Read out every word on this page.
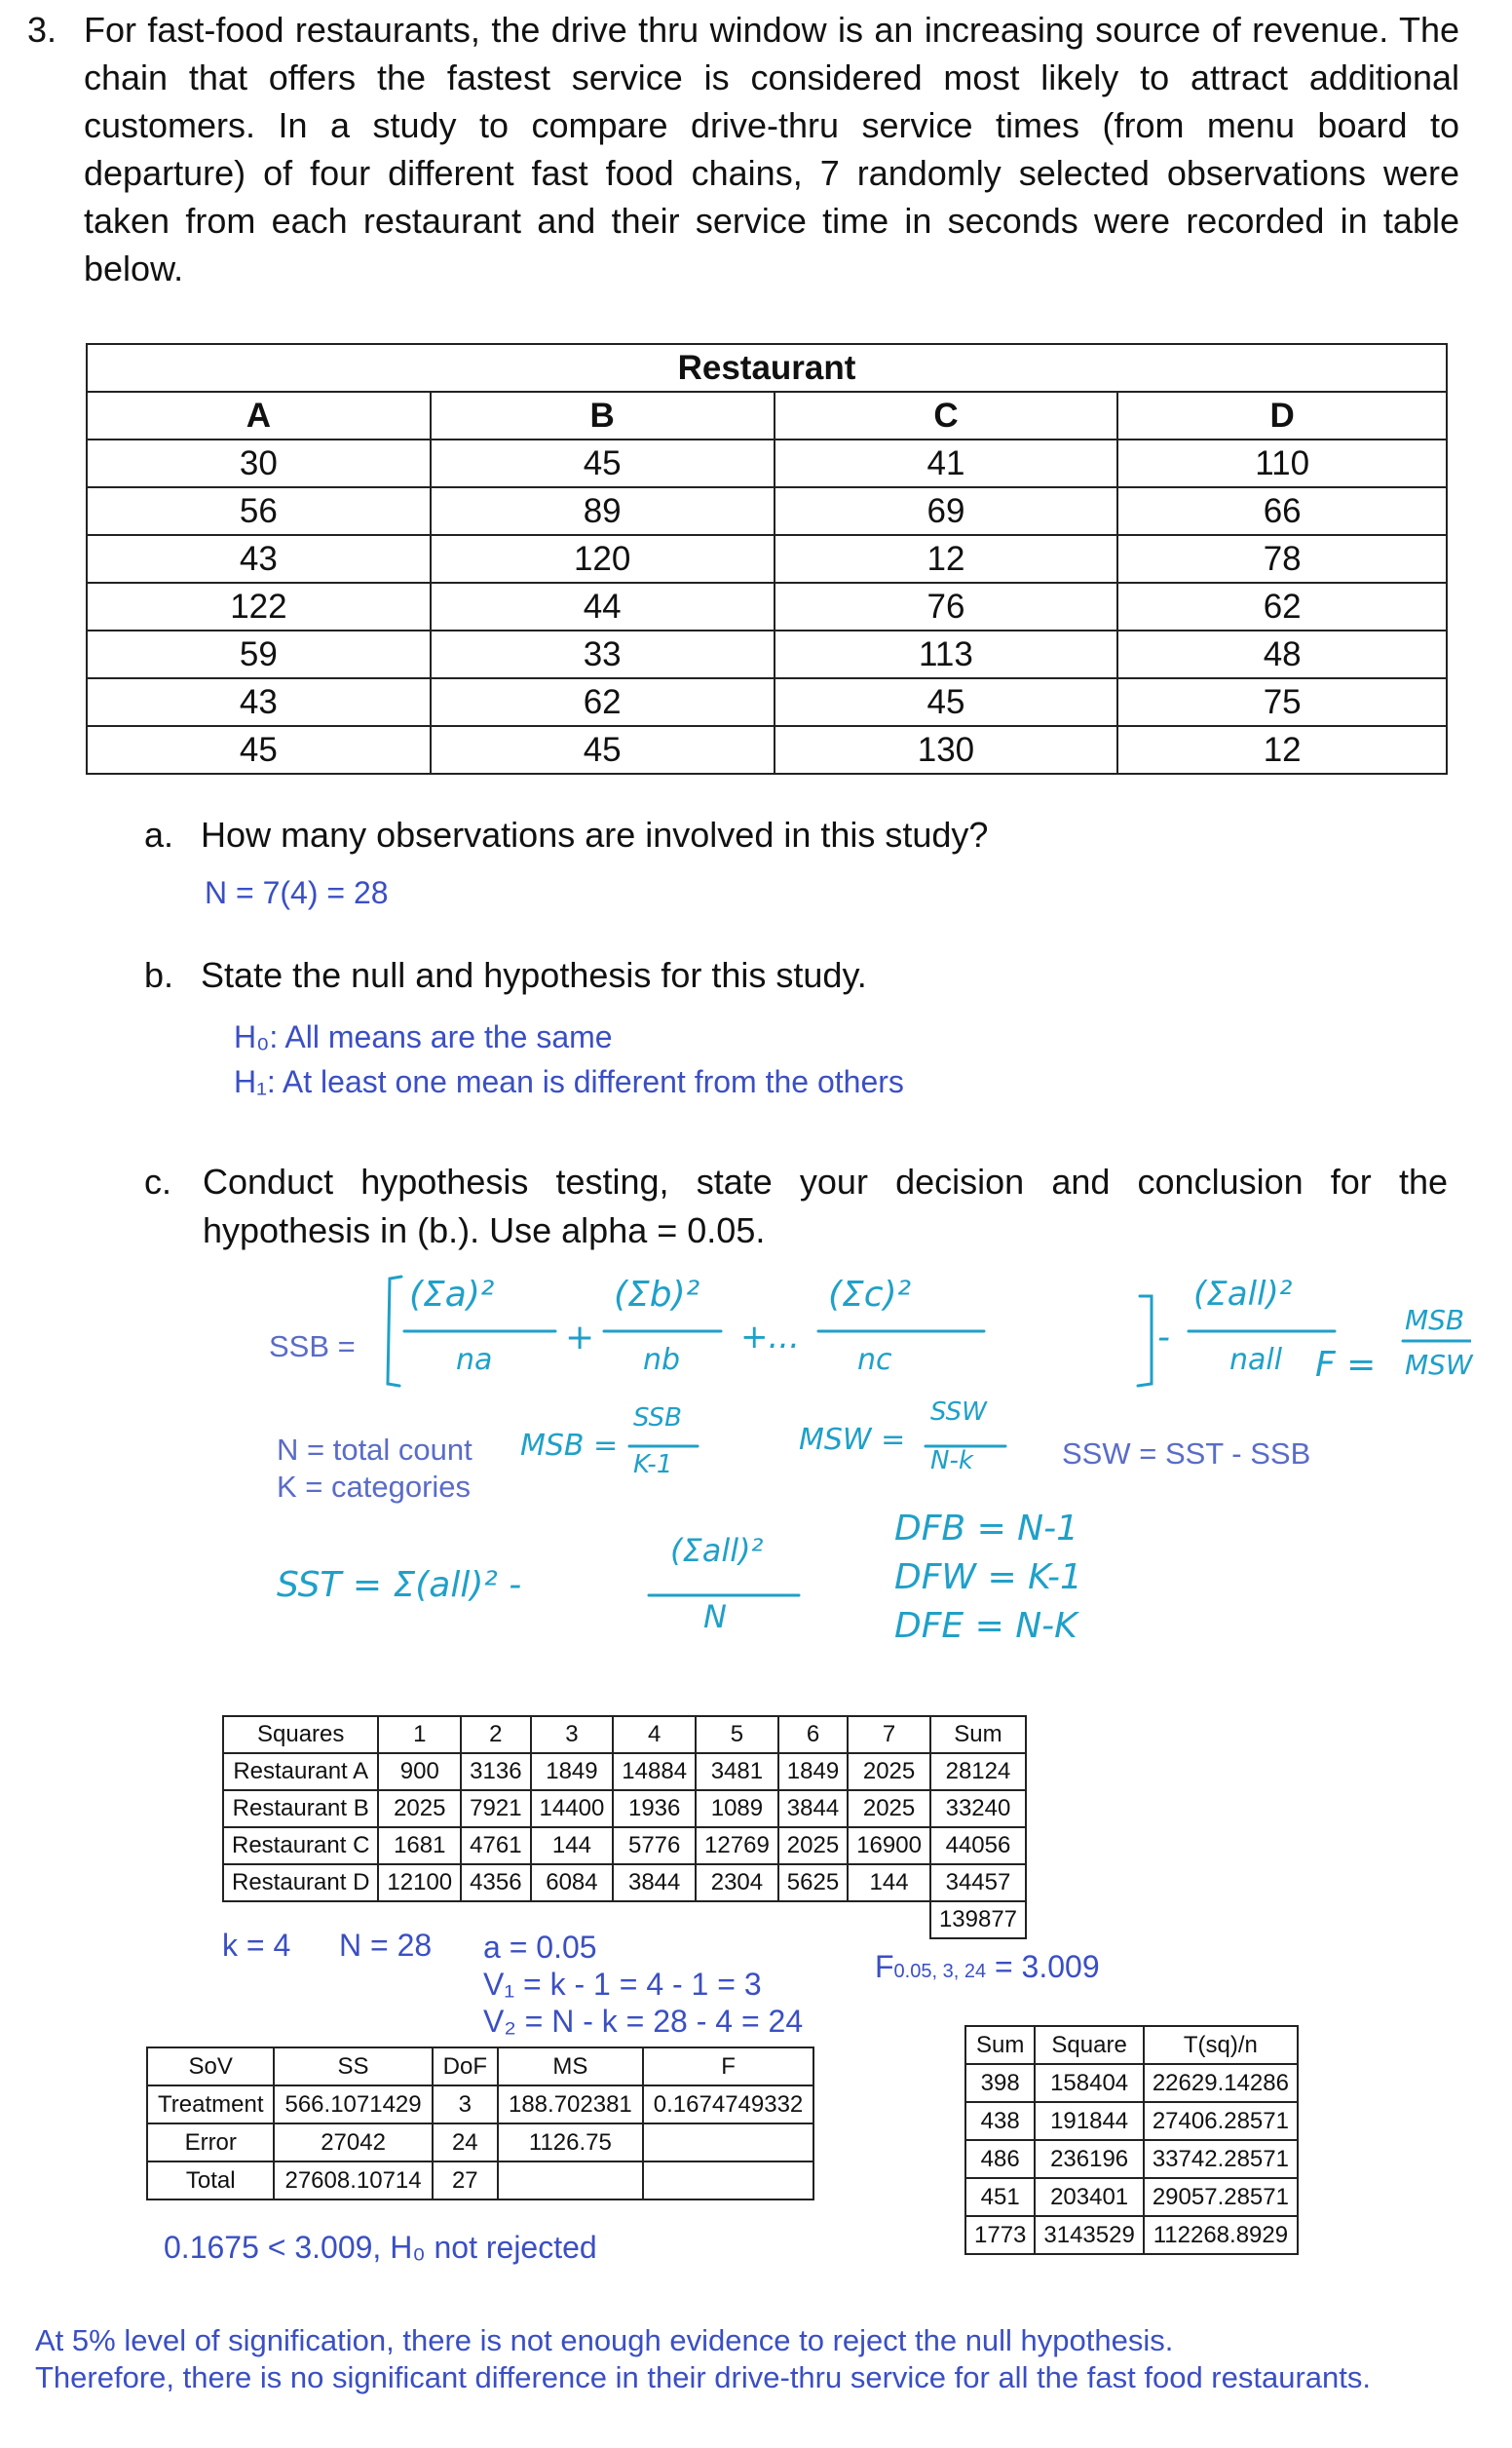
3. For fast-food restaurants, the drive thru window is an increasing source of revenue. The chain that offers the fastest service is considered most likely to attract additional customers. In a study to compare drive-thru service times (from menu board to departure) of four different fast food chains, 7 randomly selected observations were taken from each restaurant and their service time in seconds were recorded in table below.
Restaurant			
A	B	C	D
30	45	41	110
56	89	69	66
43	120	12	78
122	44	76	62
59	33	113	48
43	62	45	75
45	45	130	12
a. How many observations are involved in this study?
N = 7(4) = 28
b. State the null and hypothesis for this study.
H₀: All means are the same
H₁: At least one mean is different from the others
c. Conduct hypothesis testing, state your decision and conclusion for the hypothesis in (b.). Use alpha = 0.05.
SSB =
N = total count
K = categories
SSW = SST - SSB
(Σa)²
na
+
(Σb)²
nb
+...
(Σc)²
nc
-
(Σall)²
nall F =
MSB
MSW
MSB =
SSB
K-1
MSW =
SSW
N-k
SST = Σ(all)² -
(Σall)²
N
DFB = N-1
DFW = K-1
DFE = N-K
Squares	1	2	3	4	5	6	7	Sum
Restaurant A	900	3136	1849	14884	3481	1849	2025	28124
Restaurant B	2025	7921	14400	1936	1089	3844	2025	33240
Restaurant C	1681	4761	144	5776	12769	2025	16900	44056
Restaurant D	12100	4356	6084	3844	2304	5625	144	34457
								139877
k = 4 N = 28 a = 0.05
V₁ = k - 1 = 4 - 1 = 3
V₂ = N - k = 28 - 4 = 24
F0.05, 3, 24 = 3.009
SoV	SS	DoF	MS	F
Treatment	566.1071429	3	188.702381	0.1674749332
Error	27042	24	1126.75	
Total	27608.10714	27		
Sum	Square	T(sq)/n
398	158404	22629.14286
438	191844	27406.28571
486	236196	33742.28571
451	203401	29057.28571
1773	3143529	112268.8929
0.1675 < 3.009, H₀ not rejected
At 5% level of signification, there is not enough evidence to reject the null hypothesis.
Therefore, there is no significant difference in their drive-thru service for all the fast food restaurants.
